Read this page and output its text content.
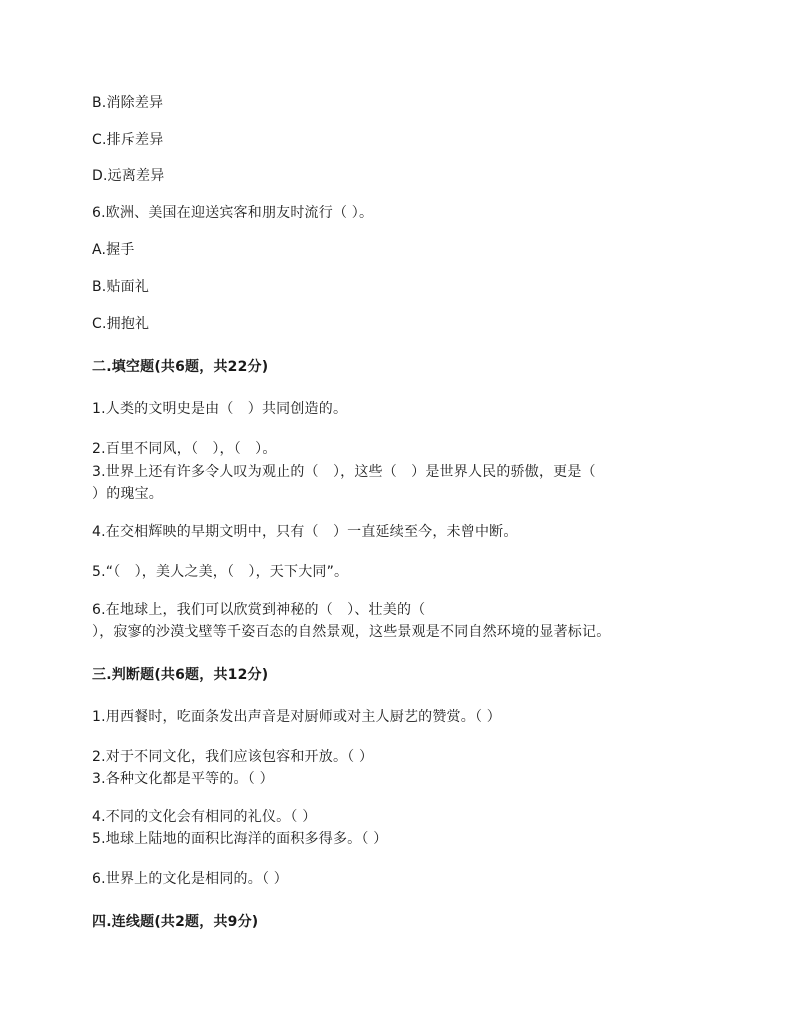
B.消除差异
C.排斥差异
D.远离差异
6.欧洲、美国在迎送宾客和朋友时流行（ ）。
A.握手
B.贴面礼
C.拥抱礼
二.填空题(共6题，共22分)
1.人类的文明史是由（　）共同创造的。
2.百里不同风，（　），（　）。
3.世界上还有许多令人叹为观止的（　），这些（　）是世界人民的骄傲，更是（
）的瑰宝。
4.在交相辉映的早期文明中，只有（　）一直延续至今，未曾中断。
5.“（　），美人之美，（　），天下大同”。
6.在地球上，我们可以欣赏到神秘的（　）、壮美的（
），寂寥的沙漠戈壁等千姿百态的自然景观，这些景观是不同自然环境的显著标记。
三.判断题(共6题，共12分)
1.用西餐时，吃面条发出声音是对厨师或对主人厨艺的赞赏。（ ）
2.对于不同文化，我们应该包容和开放。（ ）
3.各种文化都是平等的。（ ）
4.不同的文化会有相同的礼仪。（ ）
5.地球上陆地的面积比海洋的面积多得多。（ ）
6.世界上的文化是相同的。（ ）
四.连线题(共2题，共9分)
